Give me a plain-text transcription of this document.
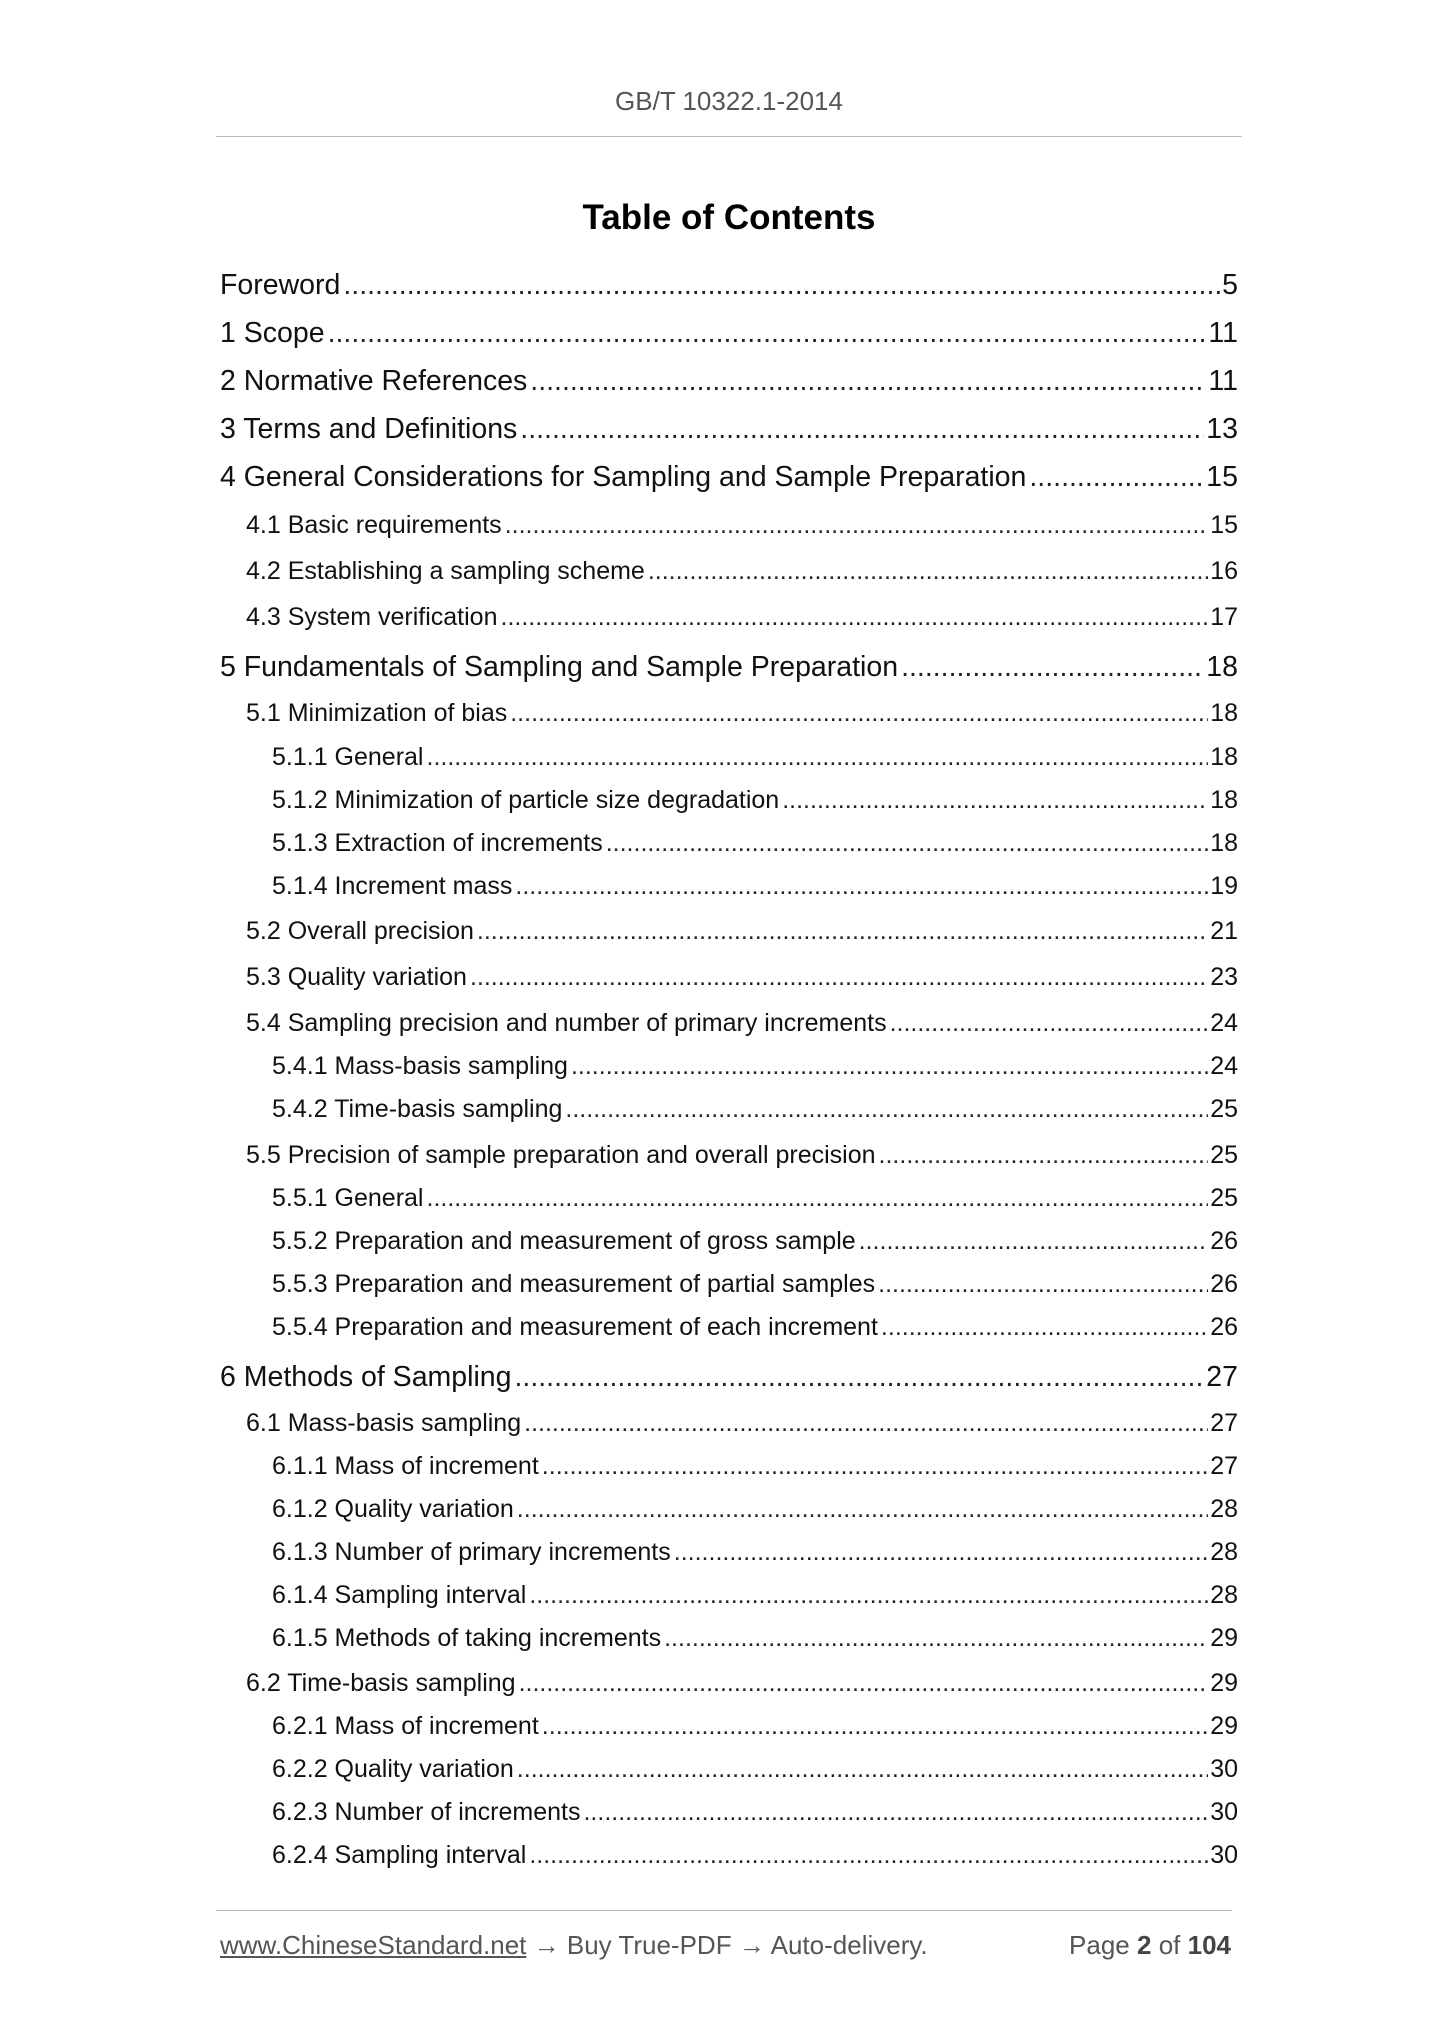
GB/T 10322.1-2014
Table of Contents
Foreword .....	5
1 Scope .....	11
2 Normative References .....	11
3 Terms and Definitions .....	13
4 General Considerations for Sampling and Sample Preparation .....	15
4.1 Basic requirements .....	15
4.2 Establishing a sampling scheme .....	16
4.3 System verification .....	17
5 Fundamentals of Sampling and Sample Preparation .....	18
5.1 Minimization of bias .....	18
5.1.1 General .....	18
5.1.2 Minimization of particle size degradation .....	18
5.1.3 Extraction of increments .....	18
5.1.4 Increment mass .....	19
5.2 Overall precision .....	21
5.3 Quality variation .....	23
5.4 Sampling precision and number of primary increments .....	24
5.4.1 Mass-basis sampling .....	24
5.4.2 Time-basis sampling .....	25
5.5 Precision of sample preparation and overall precision .....	25
5.5.1 General .....	25
5.5.2 Preparation and measurement of gross sample .....	26
5.5.3 Preparation and measurement of partial samples .....	26
5.5.4 Preparation and measurement of each increment .....	26
6 Methods of Sampling .....	27
6.1 Mass-basis sampling .....	27
6.1.1 Mass of increment .....	27
6.1.2 Quality variation .....	28
6.1.3 Number of primary increments .....	28
6.1.4 Sampling interval .....	28
6.1.5 Methods of taking increments .....	29
6.2 Time-basis sampling .....	29
6.2.1 Mass of increment .....	29
6.2.2 Quality variation .....	30
6.2.3 Number of increments .....	30
6.2.4 Sampling interval .....	30
www.ChineseStandard.net → Buy True-PDF → Auto-delivery.	Page 2 of 104
